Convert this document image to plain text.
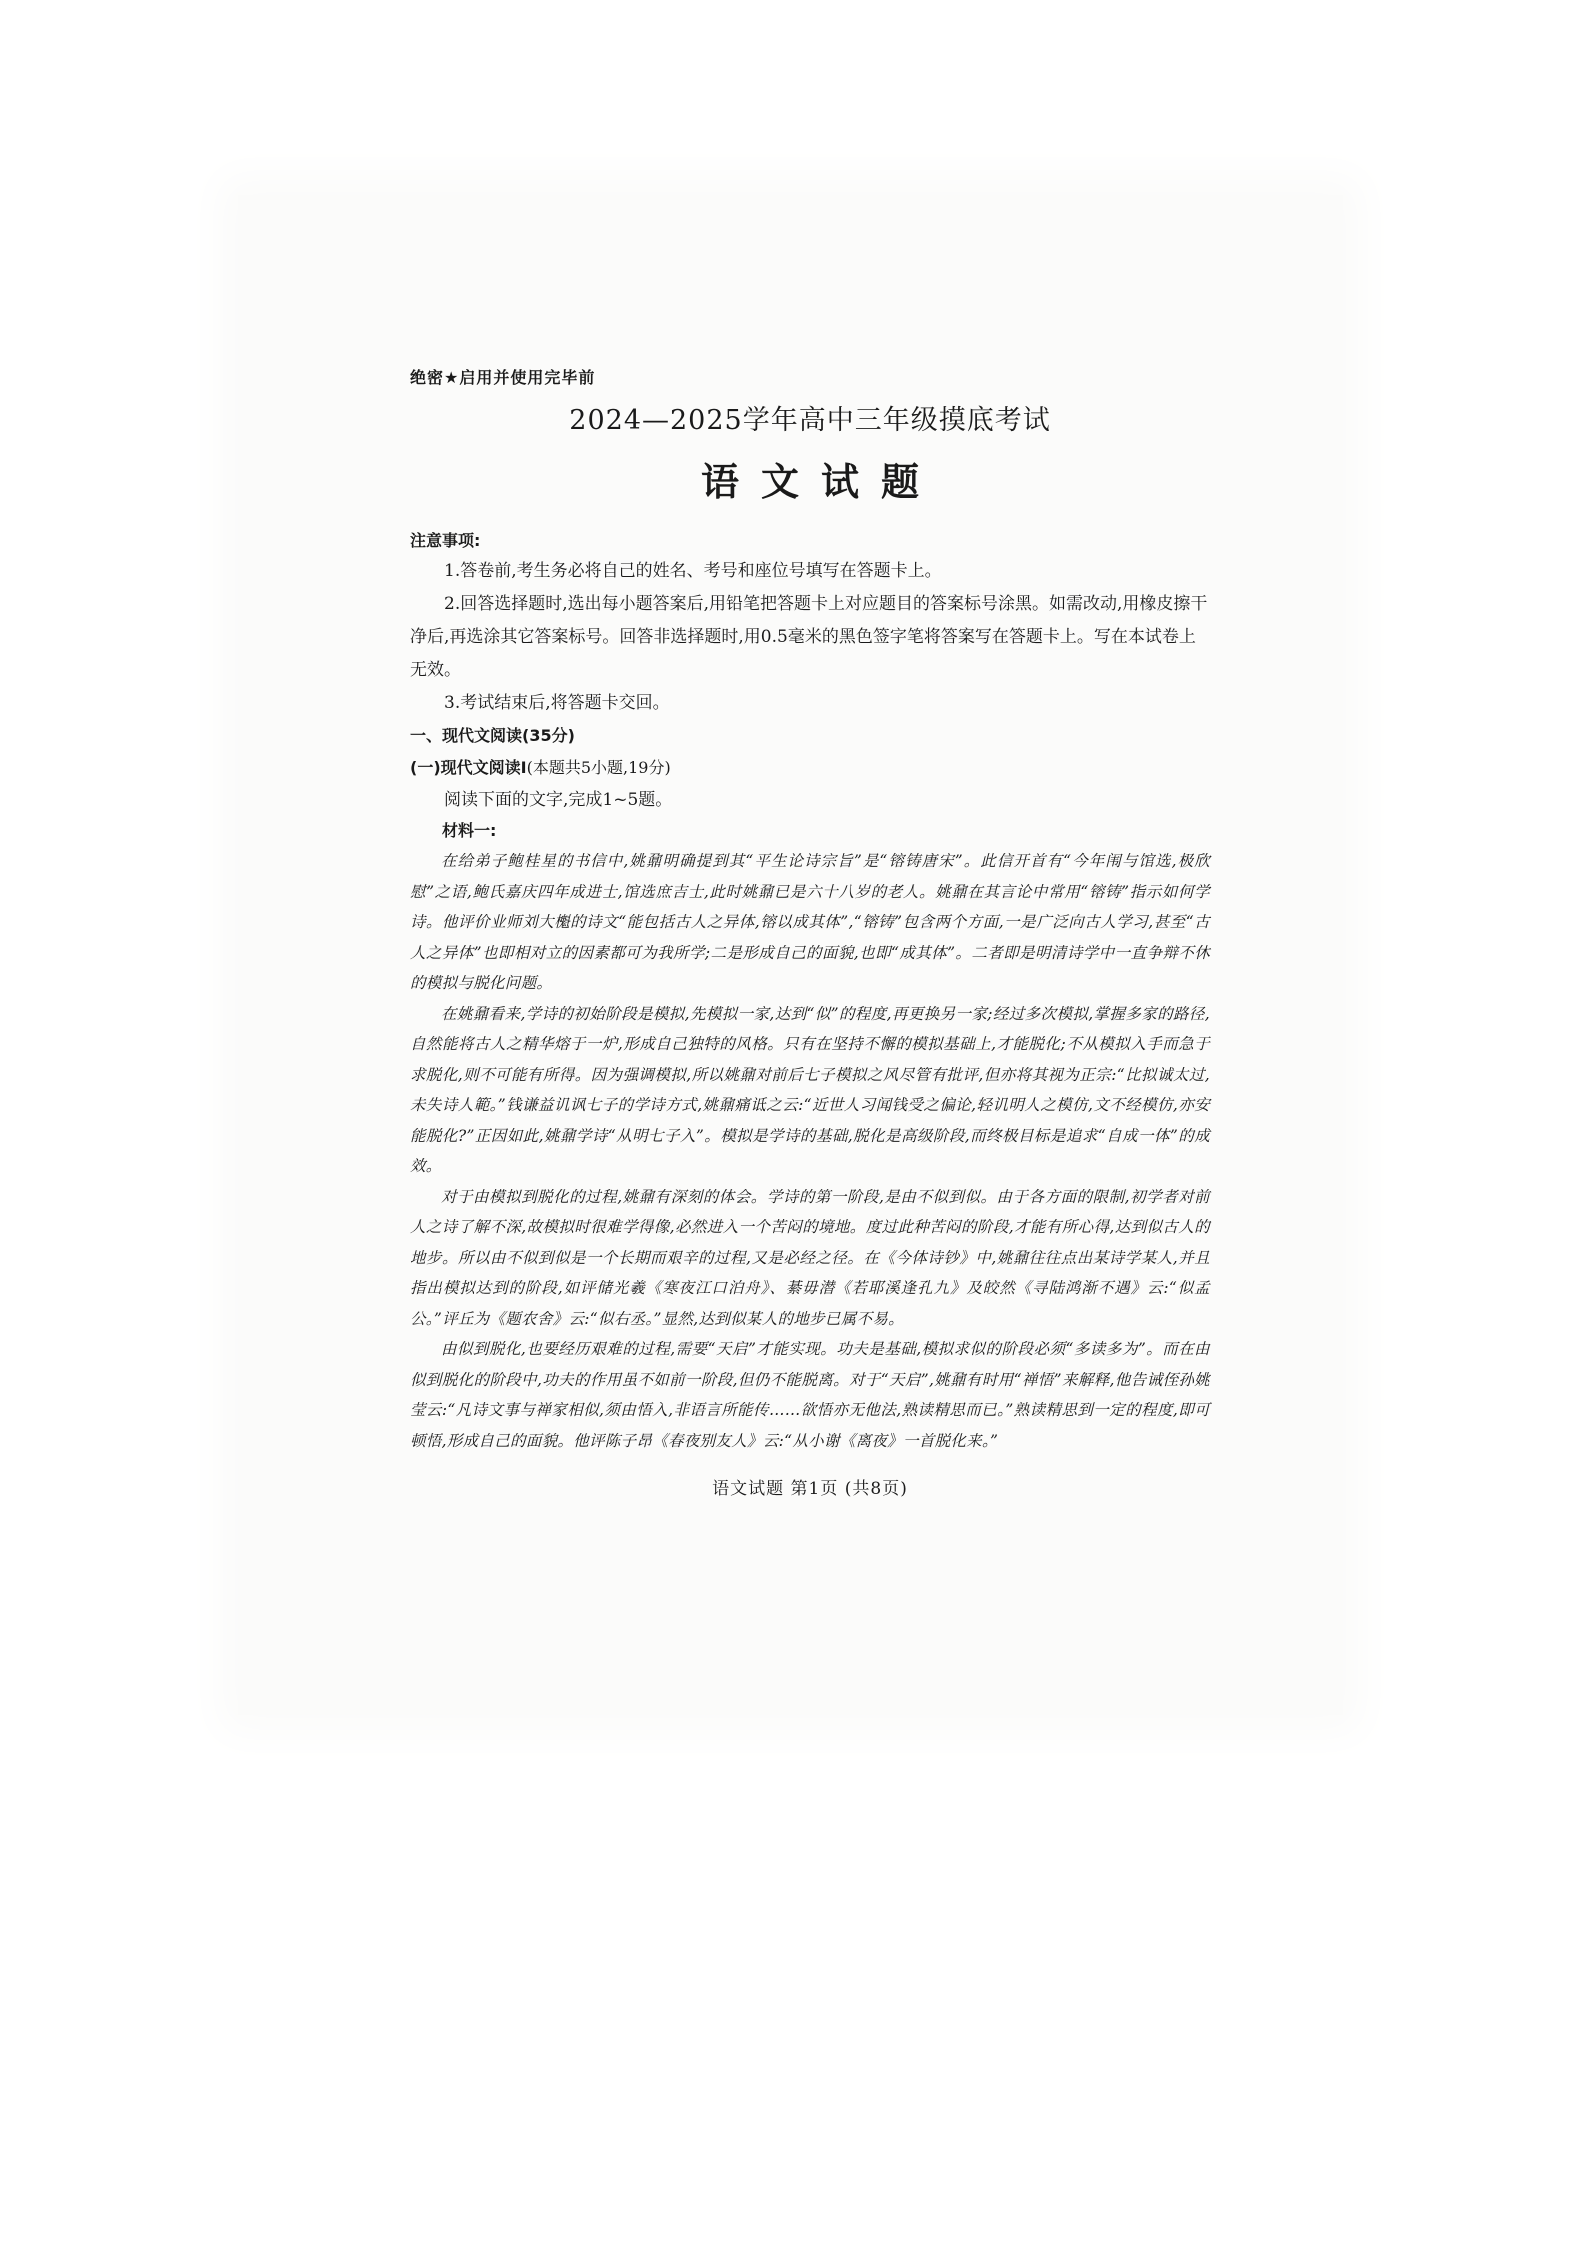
绝密★启用并使用完毕前
2024—2025学年高中三年级摸底考试
语文试题
注意事项:

1.答卷前,考生务必将自己的姓名、考号和座位号填写在答题卡上。

2.回答选择题时,选出每小题答案后,用铅笔把答题卡上对应题目的答案标号涂黑。如需改动,用橡皮擦干净后,再选涂其它答案标号。回答非选择题时,用0.5毫米的黑色签字笔将答案写在答题卡上。写在本试卷上无效。

3.考试结束后,将答题卡交回。

一、现代文阅读(35分)
(一)现代文阅读Ⅰ(本题共5小题,19分)
阅读下面的文字,完成1~5题。
材料一:

在给弟子鲍桂星的书信中,姚鼐明确提到其“平生论诗宗旨”是“镕铸唐宋”。此信开首有“今年闱与馆选,极欣慰”之语,鲍氏嘉庆四年成进士,馆选庶吉士,此时姚鼐已是六十八岁的老人。姚鼐在其言论中常用“镕铸”指示如何学诗。他评价业师刘大櫆的诗文“能包括古人之异体,镕以成其体”,“镕铸”包含两个方面,一是广泛向古人学习,甚至“古人之异体”也即相对立的因素都可为我所学;二是形成自己的面貌,也即“成其体”。二者即是明清诗学中一直争辩不休的模拟与脱化问题。

在姚鼐看来,学诗的初始阶段是模拟,先模拟一家,达到“似”的程度,再更换另一家;经过多次模拟,掌握多家的路径,自然能将古人之精华熔于一炉,形成自己独特的风格。只有在坚持不懈的模拟基础上,才能脱化;不从模拟入手而急于求脱化,则不可能有所得。因为强调模拟,所以姚鼐对前后七子模拟之风尽管有批评,但亦将其视为正宗:“比拟诚太过,未失诗人範。”钱谦益讥讽七子的学诗方式,姚鼐痛诋之云:“近世人习闻钱受之偏论,轻讥明人之模仿,文不经模仿,亦安能脱化?”正因如此,姚鼐学诗“从明七子入”。模拟是学诗的基础,脱化是高级阶段,而终极目标是追求“自成一体”的成效。

对于由模拟到脱化的过程,姚鼐有深刻的体会。学诗的第一阶段,是由不似到似。由于各方面的限制,初学者对前人之诗了解不深,故模拟时很难学得像,必然进入一个苦闷的境地。度过此种苦闷的阶段,才能有所心得,达到似古人的地步。所以由不似到似是一个长期而艰辛的过程,又是必经之径。在《今体诗钞》中,姚鼐往往点出某诗学某人,并且指出模拟达到的阶段,如评储光羲《寒夜江口泊舟》、綦毋潜《若耶溪逢孔九》及皎然《寻陆鸿渐不遇》云:“似孟公。”评丘为《题农舍》云:“似右丞。”显然,达到似某人的地步已属不易。

由似到脱化,也要经历艰难的过程,需要“天启”才能实现。功夫是基础,模拟求似的阶段必须“多读多为”。而在由似到脱化的阶段中,功夫的作用虽不如前一阶段,但仍不能脱离。对于“天启”,姚鼐有时用“禅悟”来解释,他告诫侄孙姚莹云:“凡诗文事与禅家相似,须由悟入,非语言所能传……欲悟亦无他法,熟读精思而已。”熟读精思到一定的程度,即可顿悟,形成自己的面貌。他评陈子昂《春夜别友人》云:“从小谢《离夜》一首脱化来。”

语文试题 第1页 (共8页)
